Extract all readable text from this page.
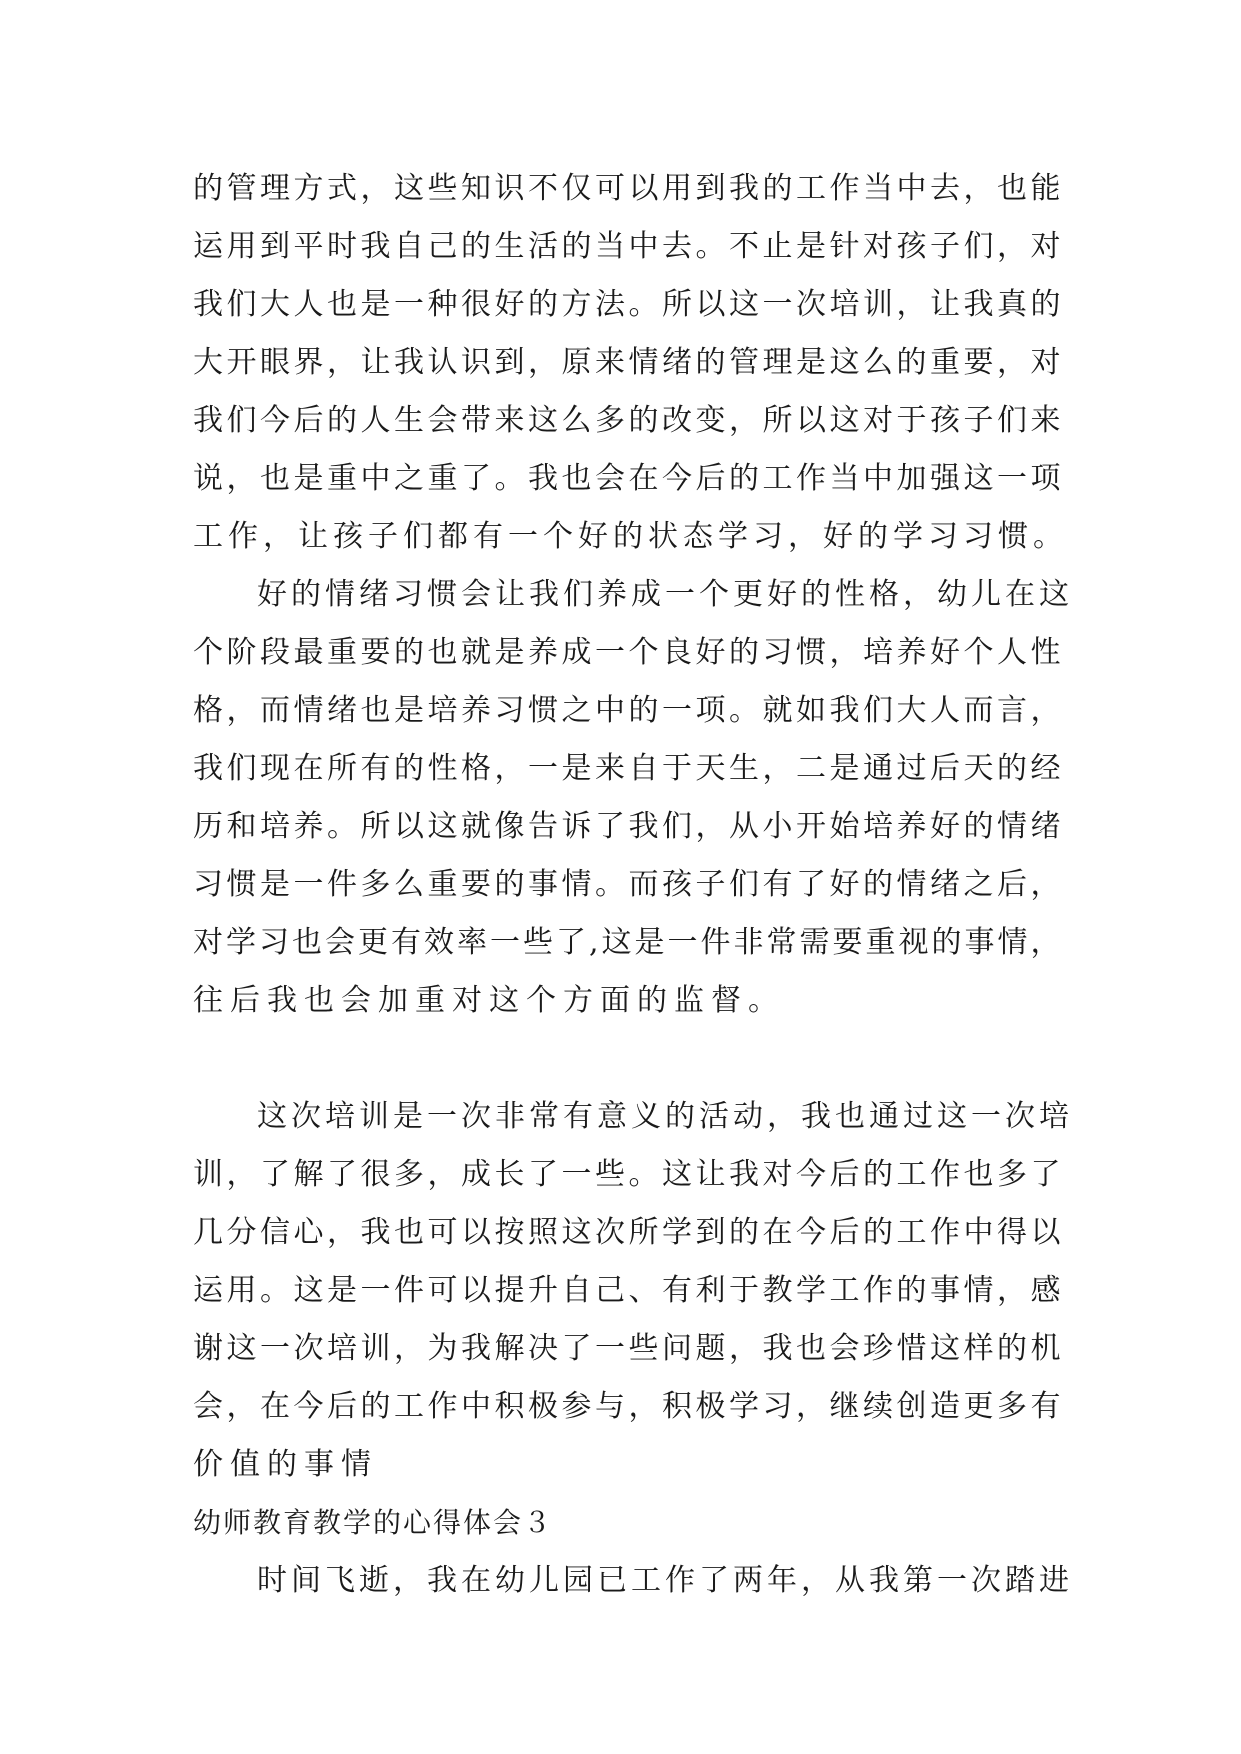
的管理方式，这些知识不仅可以用到我的工作当中去，也能
运用到平时我自己的生活的当中去。不止是针对孩子们，对
我们大人也是一种很好的方法。所以这一次培训，让我真的
大开眼界，让我认识到，原来情绪的管理是这么的重要，对
我们今后的人生会带来这么多的改变，所以这对于孩子们来
说，也是重中之重了。我也会在今后的工作当中加强这一项
工作，让孩子们都有一个好的状态学习，好的学习习惯。
好的情绪习惯会让我们养成一个更好的性格，幼儿在这
个阶段最重要的也就是养成一个良好的习惯，培养好个人性
格，而情绪也是培养习惯之中的一项。就如我们大人而言，
我们现在所有的性格，一是来自于天生，二是通过后天的经
历和培养。所以这就像告诉了我们，从小开始培养好的情绪
习惯是一件多么重要的事情。而孩子们有了好的情绪之后，
对学习也会更有效率一些了,这是一件非常需要重视的事情，
往后我也会加重对这个方面的监督。
这次培训是一次非常有意义的活动，我也通过这一次培
训，了解了很多，成长了一些。这让我对今后的工作也多了
几分信心，我也可以按照这次所学到的在今后的工作中得以
运用。这是一件可以提升自己、有利于教学工作的事情，感
谢这一次培训，为我解决了一些问题，我也会珍惜这样的机
会，在今后的工作中积极参与，积极学习，继续创造更多有
价值的事情
幼师教育教学的心得体会３
时间飞逝，我在幼儿园已工作了两年，从我第一次踏进
